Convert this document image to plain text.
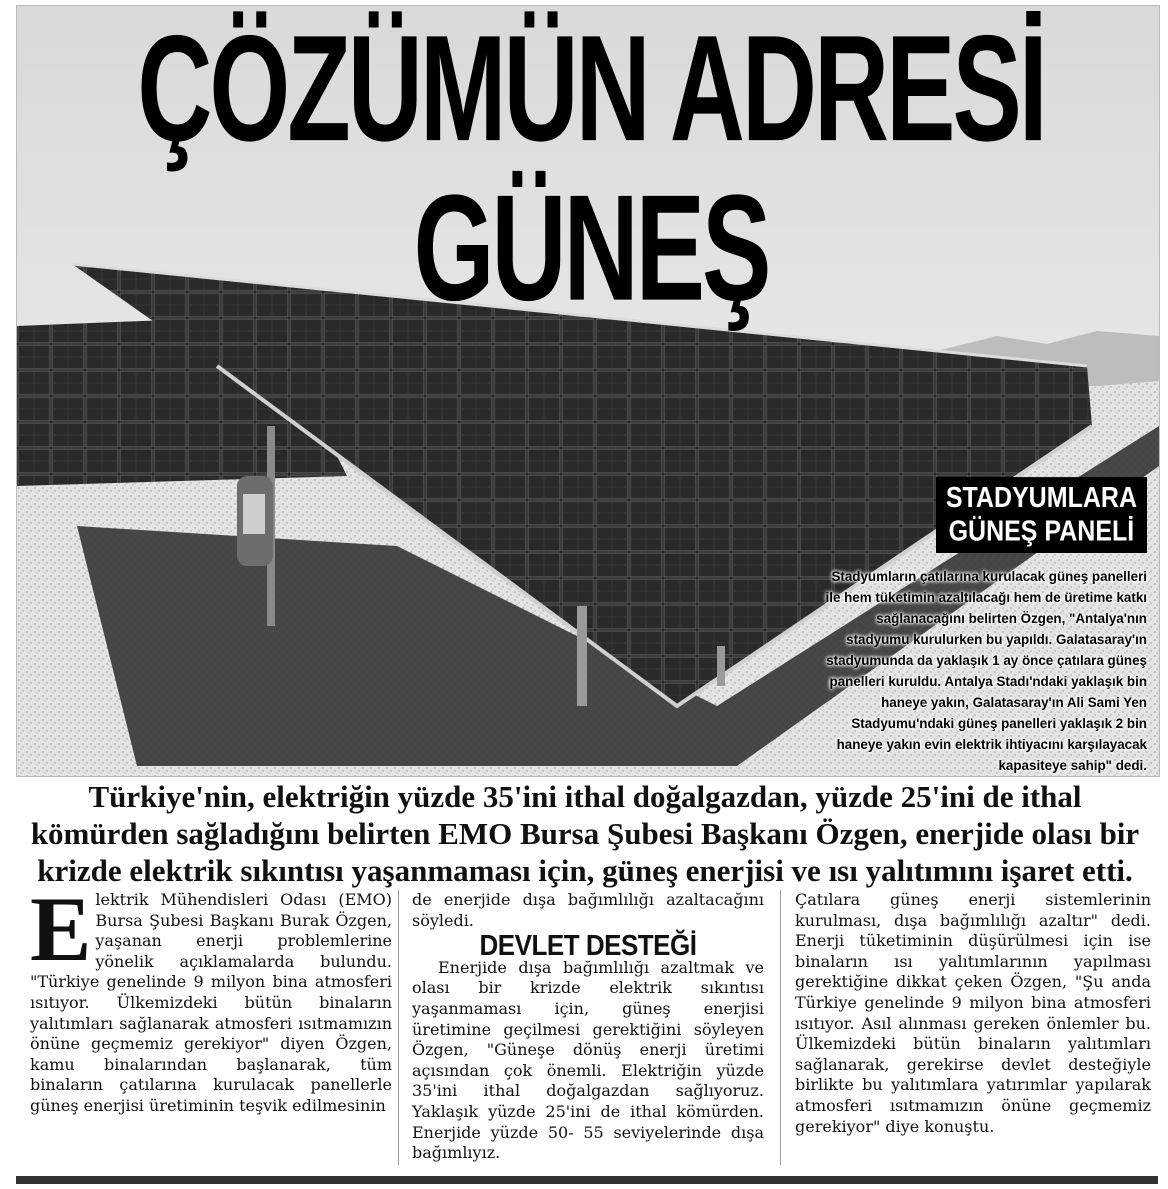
ÇÖZÜMÜN ADRESİ
GÜNEŞ
STADYUMLARA
GÜNEŞ PANELİ
Stadyumların çatılarına kurulacak güneş panelleri ile hem tüketimin azaltılacağı hem de üretime katkı sağlanacağını belirten Özgen, "Antalya'nın stadyumu kurulurken bu yapıldı. Galatasaray'ın stadyumunda da yaklaşık 1 ay önce çatılara güneş panelleri kuruldu. Antalya Stadı'ndaki yaklaşık bin haneye yakın, Galatasaray'ın Ali Sami Yen Stadyumu'ndaki güneş panelleri yaklaşık 2 bin haneye yakın evin elektrik ihtiyacını karşılayacak kapasiteye sahip" dedi.
Türkiye'nin, elektriğin yüzde 35'ini ithal doğalgazdan, yüzde 25'ini de ithal kömürden sağladığını belirten EMO Bursa Şubesi Başkanı Özgen, enerjide olası bir krizde elektrik sıkıntısı yaşanmaması için, güneş enerjisi ve ısı yalıtımını işaret etti.
E lektrik Mühendisleri Odası (EMO) Bursa Şubesi Başkanı Burak Özgen, yaşanan enerji problemlerine yönelik açıklamalarda bulundu. "Türkiye genelinde 9 milyon bina atmosferi ısıtıyor. Ülkemizdeki bütün binaların yalıtımları sağlanarak atmosferi ısıtmamızın önüne geçmemiz gerekiyor" diyen Özgen, kamu binalarından başlanarak, tüm binaların çatılarına kurulacak panellerle güneş enerjisi üretiminin teşvik edilmesinin

de enerjide dışa bağımlılığı azaltacağını söyledi.

DEVLET DESTEĞİ

Enerjide dışa bağımlılığı azaltmak ve olası bir krizde elektrik sıkıntısı yaşanmaması için, güneş enerjisi üretimine geçilmesi gerektiğini söyleyen Özgen, "Güneşe dönüş enerji üretimi açısından çok önemli. Elektriğin yüzde 35'ini ithal doğalgazdan sağlıyoruz. Yaklaşık yüzde 25'ini de ithal kömürden. Enerjide yüzde 50- 55 seviyelerinde dışa bağımlıyız.

Çatılara güneş enerji sistemlerinin kurulması, dışa bağımlılığı azaltır" dedi. Enerji tüketiminin düşürülmesi için ise binaların ısı yalıtımlarının yapılması gerektiğine dikkat çeken Özgen, "Şu anda Türkiye genelinde 9 milyon bina atmosferi ısıtıyor. Asıl alınması gereken önlemler bu. Ülkemizdeki bütün binaların yalıtımları sağlanarak, gerekirse devlet desteğiyle birlikte bu yalıtımlara yatırımlar yapılarak atmosferi ısıtmamızın önüne geçmemiz gerekiyor" diye konuştu.
